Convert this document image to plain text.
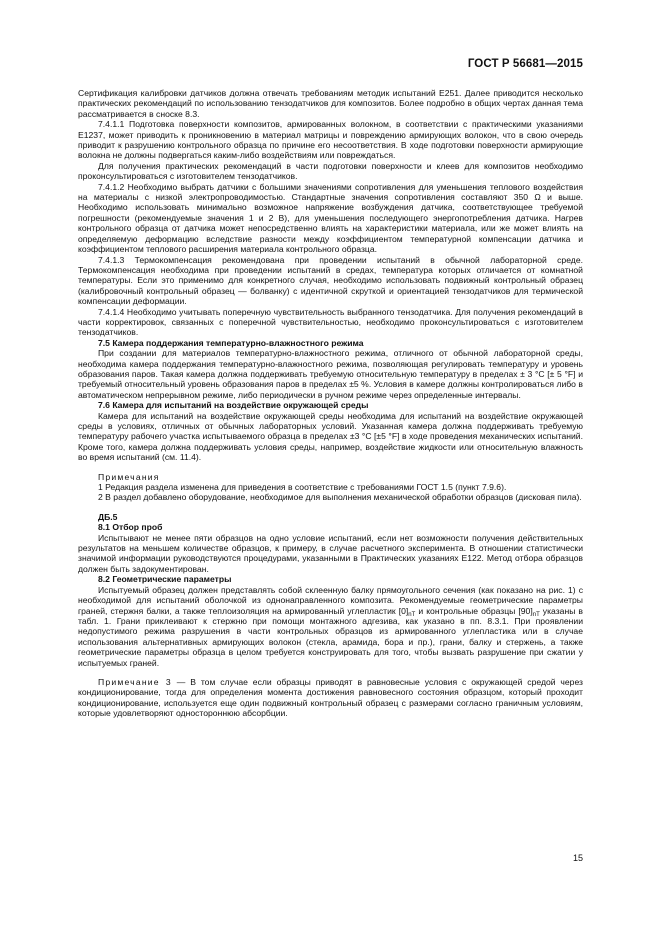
ГОСТ Р 56681—2015

Сертификация калибровки датчиков должна отвечать требованиям методик испытаний E251. Далее приводится несколько практических рекомендаций по использованию тензодатчиков для композитов. Более подробно в общих чертах данная тема рассматривается в сноске 8.3.

7.4.1.1 Подготовка поверхности композитов, армированных волокном, в соответствии с практическими указаниями E1237, может приводить к проникновению в материал матрицы и повреждению армирующих волокон, что в свою очередь приводит к разрушению контрольного образца по причине его несоответствия. В ходе подготовки поверхности армирующие волокна не должны подвергаться каким-либо воздействиям или повреждаться.

Для получения практических рекомендаций в части подготовки поверхности и клеев для композитов необходимо проконсультироваться с изготовителем тензодатчиков.

7.4.1.2 Необходимо выбрать датчики с большими значениями сопротивления для уменьшения теплового воздействия на материалы с низкой электропроводимостью. Стандартные значения сопротивления составляют 350 Ω и выше. Необходимо использовать минимально возможное напряжение возбуждения датчика, соответствующее требуемой погрешности (рекомендуемые значения 1 и 2 В), для уменьшения последующего энергопотребления датчика. Нагрев контрольного образца от датчика может непосредственно влиять на характеристики материала, или же может влиять на определяемую деформацию вследствие разности между коэффициентом температурной компенсации датчика и коэффициентом теплового расширения материала контрольного образца.

7.4.1.3 Термокомпенсация рекомендована при проведении испытаний в обычной лабораторной среде. Термокомпенсация необходима при проведении испытаний в средах, температура которых отличается от комнатной температуры. Если это применимо для конкретного случая, необходимо использовать подвижный контрольный образец (калибровочный контрольный образец — болванку) с идентичной скруткой и ориентацией тензодатчиков для термической компенсации деформации.

7.4.1.4 Необходимо учитывать поперечную чувствительность выбранного тензодатчика. Для получения рекомендаций в части корректировок, связанных с поперечной чувствительностью, необходимо проконсультироваться с изготовителем тензодатчиков.

7.5 Камера поддержания температурно-влажностного режима

При создании для материалов температурно-влажностного режима, отличного от обычной лабораторной среды, необходима камера поддержания температурно-влажностного режима, позволяющая регулировать температуру и уровень образования паров. Такая камера должна поддерживать требуемую относительную температуру в пределах ± 3 °С [± 5 °F] и требуемый относительный уровень образования паров в пределах ±5 %. Условия в камере должны контролироваться либо в автоматическом непрерывном режиме, либо периодически в ручном режиме через определенные интервалы.

7.6 Камера для испытаний на воздействие окружающей среды

Камера для испытаний на воздействие окружающей среды необходима для испытаний на воздействие окружающей среды в условиях, отличных от обычных лабораторных условий. Указанная камера должна поддерживать требуемую температуру рабочего участка испытываемого образца в пределах ±3 °С [±5 °F] в ходе проведения механических испытаний. Кроме того, камера должна поддерживать условия среды, например, воздействие жидкости или относительную влажность во время испытаний (см. 11.4).

Примечания

1 Редакция раздела изменена для приведения в соответствие с требованиями ГОСТ 1.5 (пункт 7.9.6).

2 В раздел добавлено оборудование, необходимое для выполнения механической обработки образцов (дисковая пила).

ДБ.5

8.1 Отбор проб

Испытывают не менее пяти образцов на одно условие испытаний, если нет возможности получения действительных результатов на меньшем количестве образцов, к примеру, в случае расчетного эксперимента. В отношении статистически значимой информации руководствуются процедурами, указанными в Практических указаниях E122. Метод отбора образцов должен быть задокументирован.

8.2 Геометрические параметры

Испытуемый образец должен представлять собой склеенную балку прямоугольного сечения (как показано на рис. 1) с необходимой для испытаний оболочкой из однонаправленного композита. Рекомендуемые геометрические параметры граней, стержня балки, а также теплоизоляция на армированный углепластик $[0]_{nT}$ и контрольные образцы $[90]_{nT}$ указаны в табл. 1. Грани приклеивают к стержню при помощи монтажного адгезива, как указано в пп. 8.3.1. При проявлении недопустимого режима разрушения в части контрольных образцов из армированного углепластика или в случае использования альтернативных армирующих волокон (стекла, арамида, бора и пр.), грани, балку и стержень, а также геометрические параметры образца в целом требуется конструировать для того, чтобы вызвать разрушение при сжатии у испытуемых граней.

Примечание 3 — В том случае если образцы приводят в равновесные условия с окружающей средой через кондиционирование, тогда для определения момента достижения равновесного состояния образцом, который проходит кондиционирование, используется еще один подвижный контрольный образец с размерами согласно граничным условиям, которые удовлетворяют одностороннюю абсорбции.

15
